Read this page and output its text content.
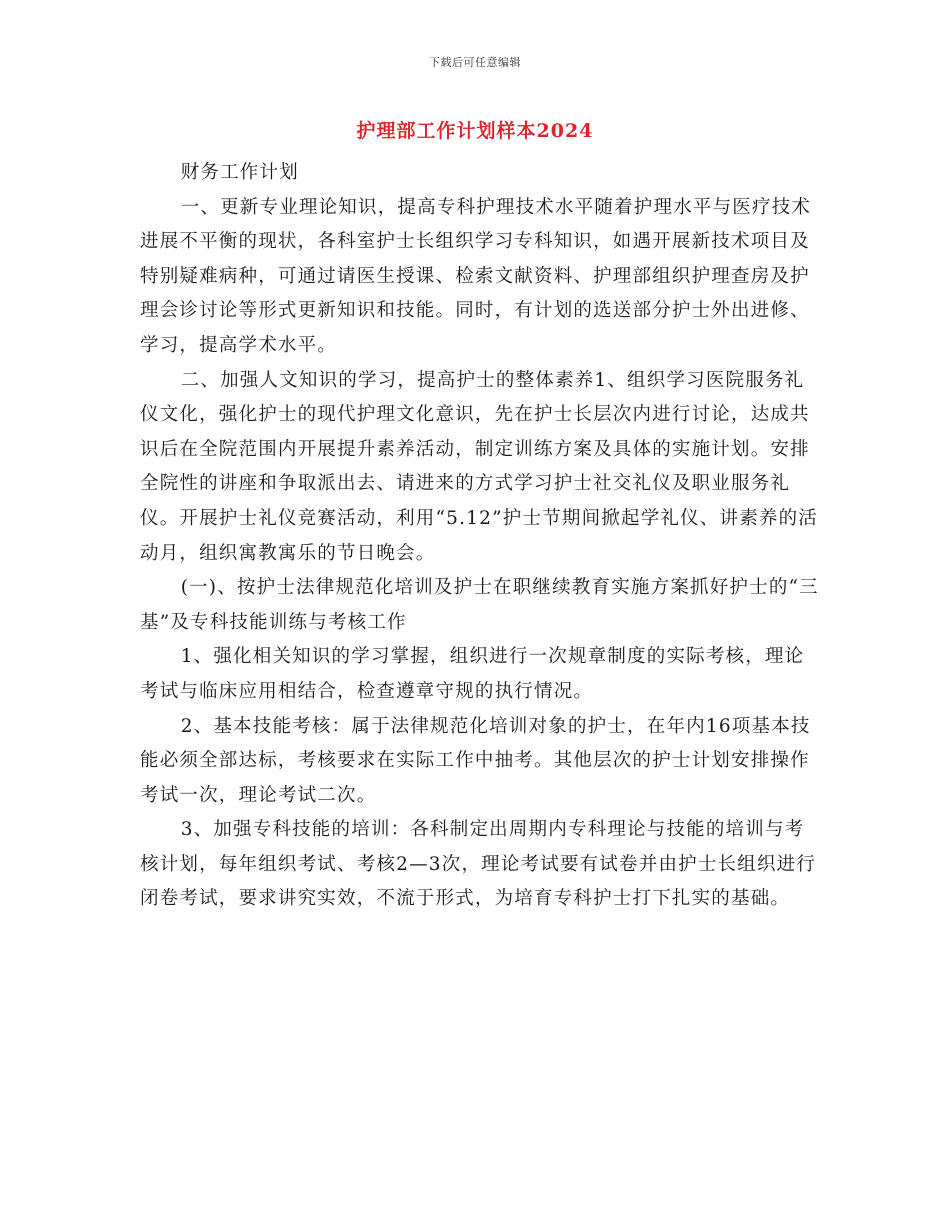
下载后可任意编辑
护理部工作计划样本2024

财务工作计划

一、更新专业理论知识，提高专科护理技术水平随着护理水平与医疗技术进展不平衡的现状，各科室护士长组织学习专科知识，如遇开展新技术项目及特别疑难病种，可通过请医生授课、检索文献资料、护理部组织护理查房及护理会诊讨论等形式更新知识和技能。同时，有计划的选送部分护士外出进修、学习，提高学术水平。

二、加强人文知识的学习，提高护士的整体素养1、组织学习医院服务礼仪文化，强化护士的现代护理文化意识，先在护士长层次内进行讨论，达成共识后在全院范围内开展提升素养活动，制定训练方案及具体的实施计划。安排全院性的讲座和争取派出去、请进来的方式学习护士社交礼仪及职业服务礼仪。开展护士礼仪竞赛活动，利用“5.12”护士节期间掀起学礼仪、讲素养的活动月，组织寓教寓乐的节日晚会。

(一)、按护士法律规范化培训及护士在职继续教育实施方案抓好护士的“三基”及专科技能训练与考核工作

1、强化相关知识的学习掌握，组织进行一次规章制度的实际考核，理论考试与临床应用相结合，检查遵章守规的执行情况。

2、基本技能考核：属于法律规范化培训对象的护士，在年内16项基本技能必须全部达标，考核要求在实际工作中抽考。其他层次的护士计划安排操作考试一次，理论考试二次。

3、加强专科技能的培训：各科制定出周期内专科理论与技能的培训与考核计划，每年组织考试、考核2—3次，理论考试要有试卷并由护士长组织进行闭卷考试，要求讲究实效，不流于形式，为培育专科护士打下扎实的基础。
